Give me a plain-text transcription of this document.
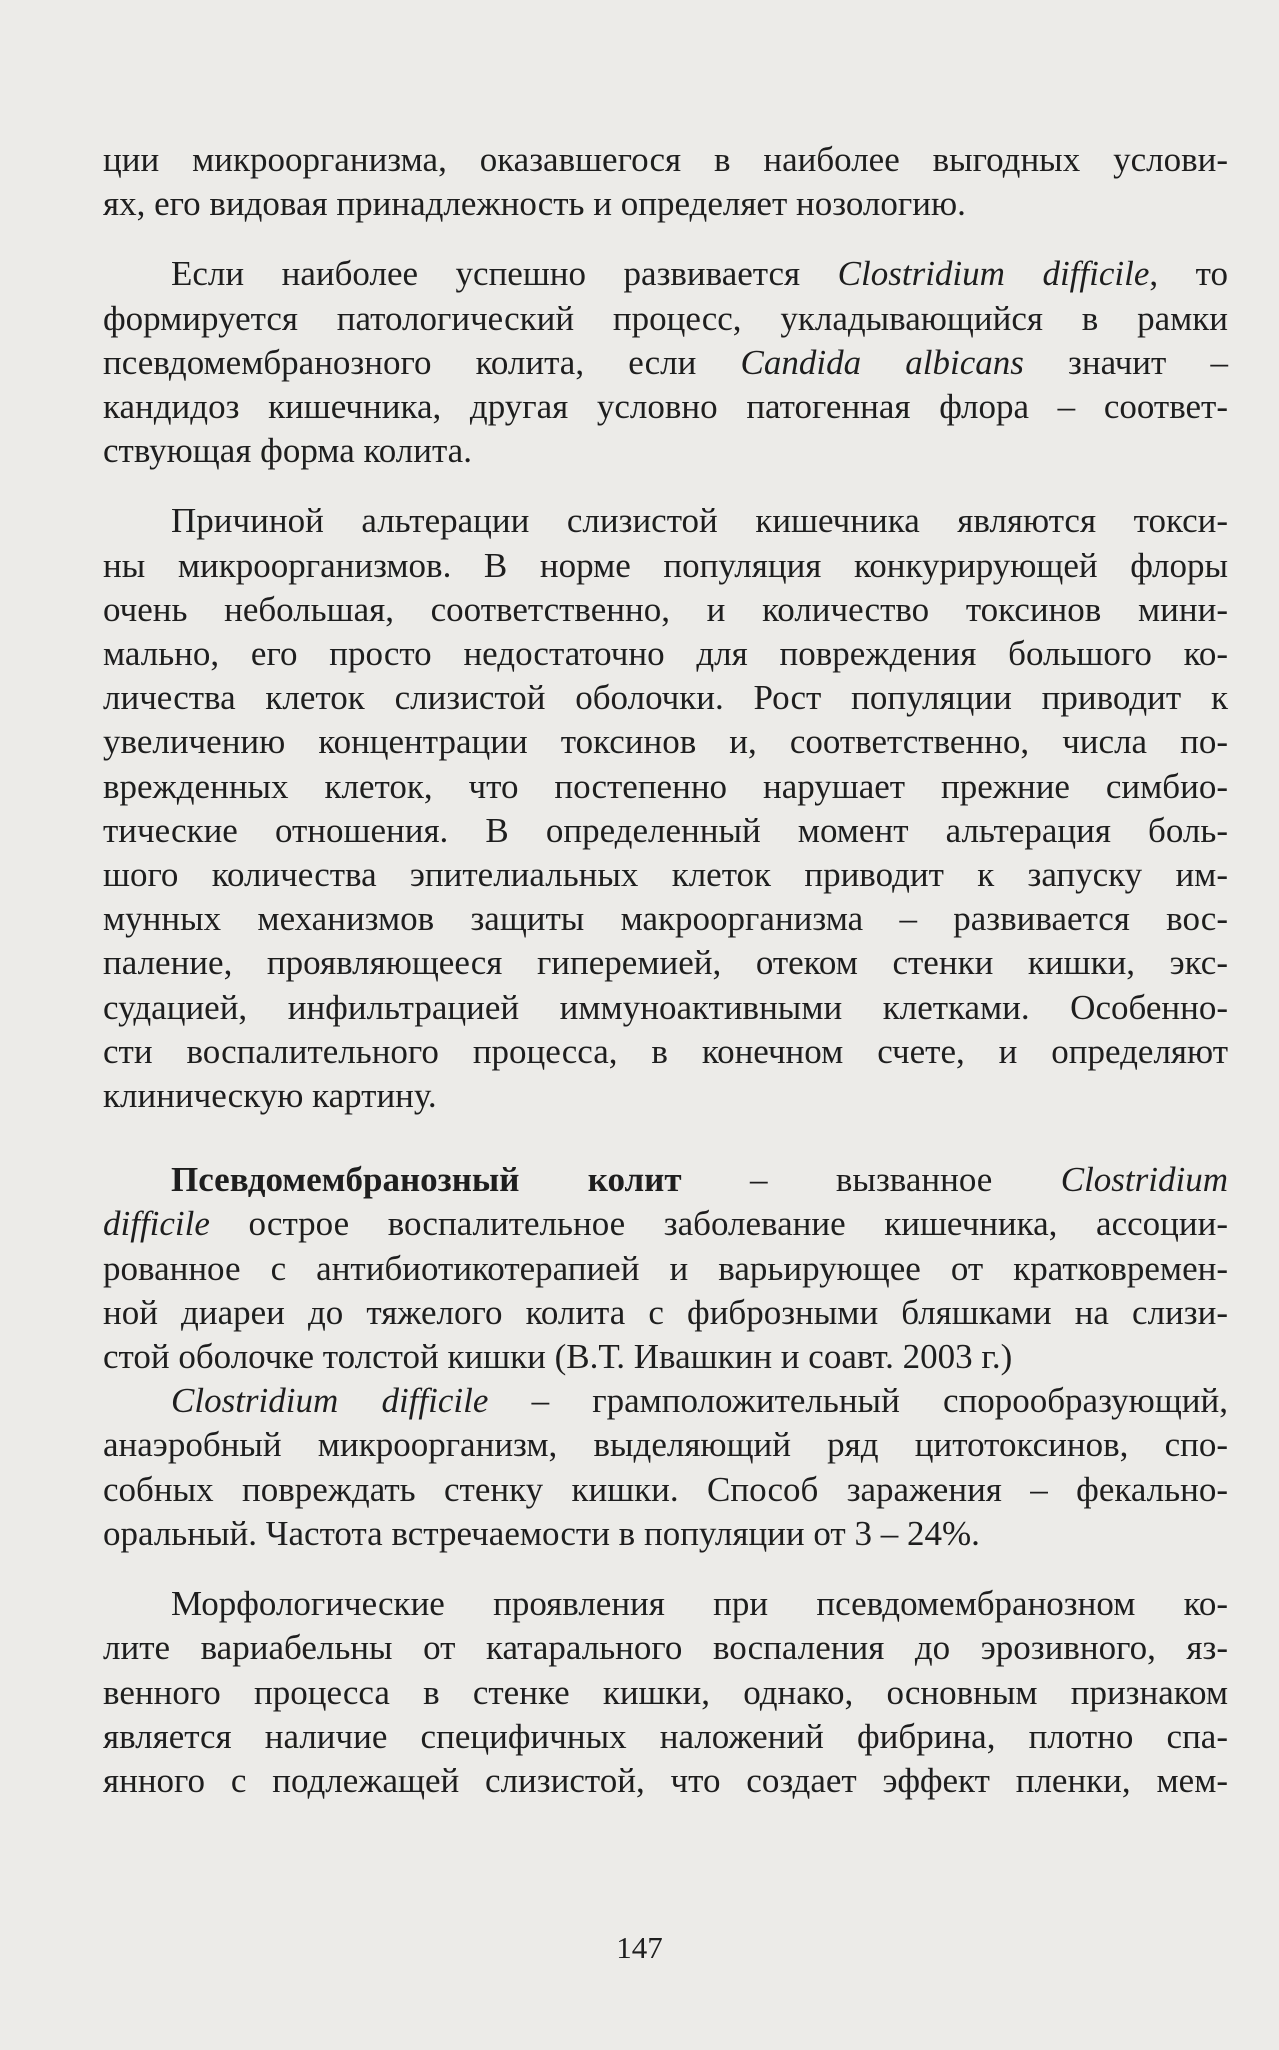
ции микроорганизма, оказавшегося в наиболее выгодных услови-
ях, его видовая принадлежность и определяет нозологию.
Если наиболее успешно развивается Clostridium difficile, то
формируется патологический процесс, укладывающийся в рамки
псевдомембранозного колита, если Candida albicans значит –
кандидоз кишечника, другая условно патогенная флора – соответ-
ствующая форма колита.
Причиной альтерации слизистой кишечника являются токси-
ны микроорганизмов. В норме популяция конкурирующей флоры
очень небольшая, соответственно, и количество токсинов мини-
мально, его просто недостаточно для повреждения большого ко-
личества клеток слизистой оболочки. Рост популяции приводит к
увеличению концентрации токсинов и, соответственно, числа по-
врежденных клеток, что постепенно нарушает прежние симбио-
тические отношения. В определенный момент альтерация боль-
шого количества эпителиальных клеток приводит к запуску им-
мунных механизмов защиты макроорганизма – развивается вос-
паление, проявляющееся гиперемией, отеком стенки кишки, экс-
судацией, инфильтрацией иммуноактивными клетками. Особенно-
сти воспалительного процесса, в конечном счете, и определяют
клиническую картину.
Псевдомембранозный колит – вызванное Clostridium
difficile острое воспалительное заболевание кишечника, ассоции-
рованное с антибиотикотерапией и варьирующее от кратковремен-
ной диареи до тяжелого колита с фиброзными бляшками на слизи-
стой оболочке толстой кишки (В.Т. Ивашкин и соавт. 2003 г.)
Clostridium difficile – грамположительный спорообразующий,
анаэробный микроорганизм, выделяющий ряд цитотоксинов, спо-
собных повреждать стенку кишки. Способ заражения – фекально-
оральный. Частота встречаемости в популяции от 3 – 24%.
Морфологические проявления при псевдомембранозном ко-
лите вариабельны от катарального воспаления до эрозивного, яз-
венного процесса в стенке кишки, однако, основным признаком
является наличие специфичных наложений фибрина, плотно спа-
янного с подлежащей слизистой, что создает эффект пленки, мем-
147
